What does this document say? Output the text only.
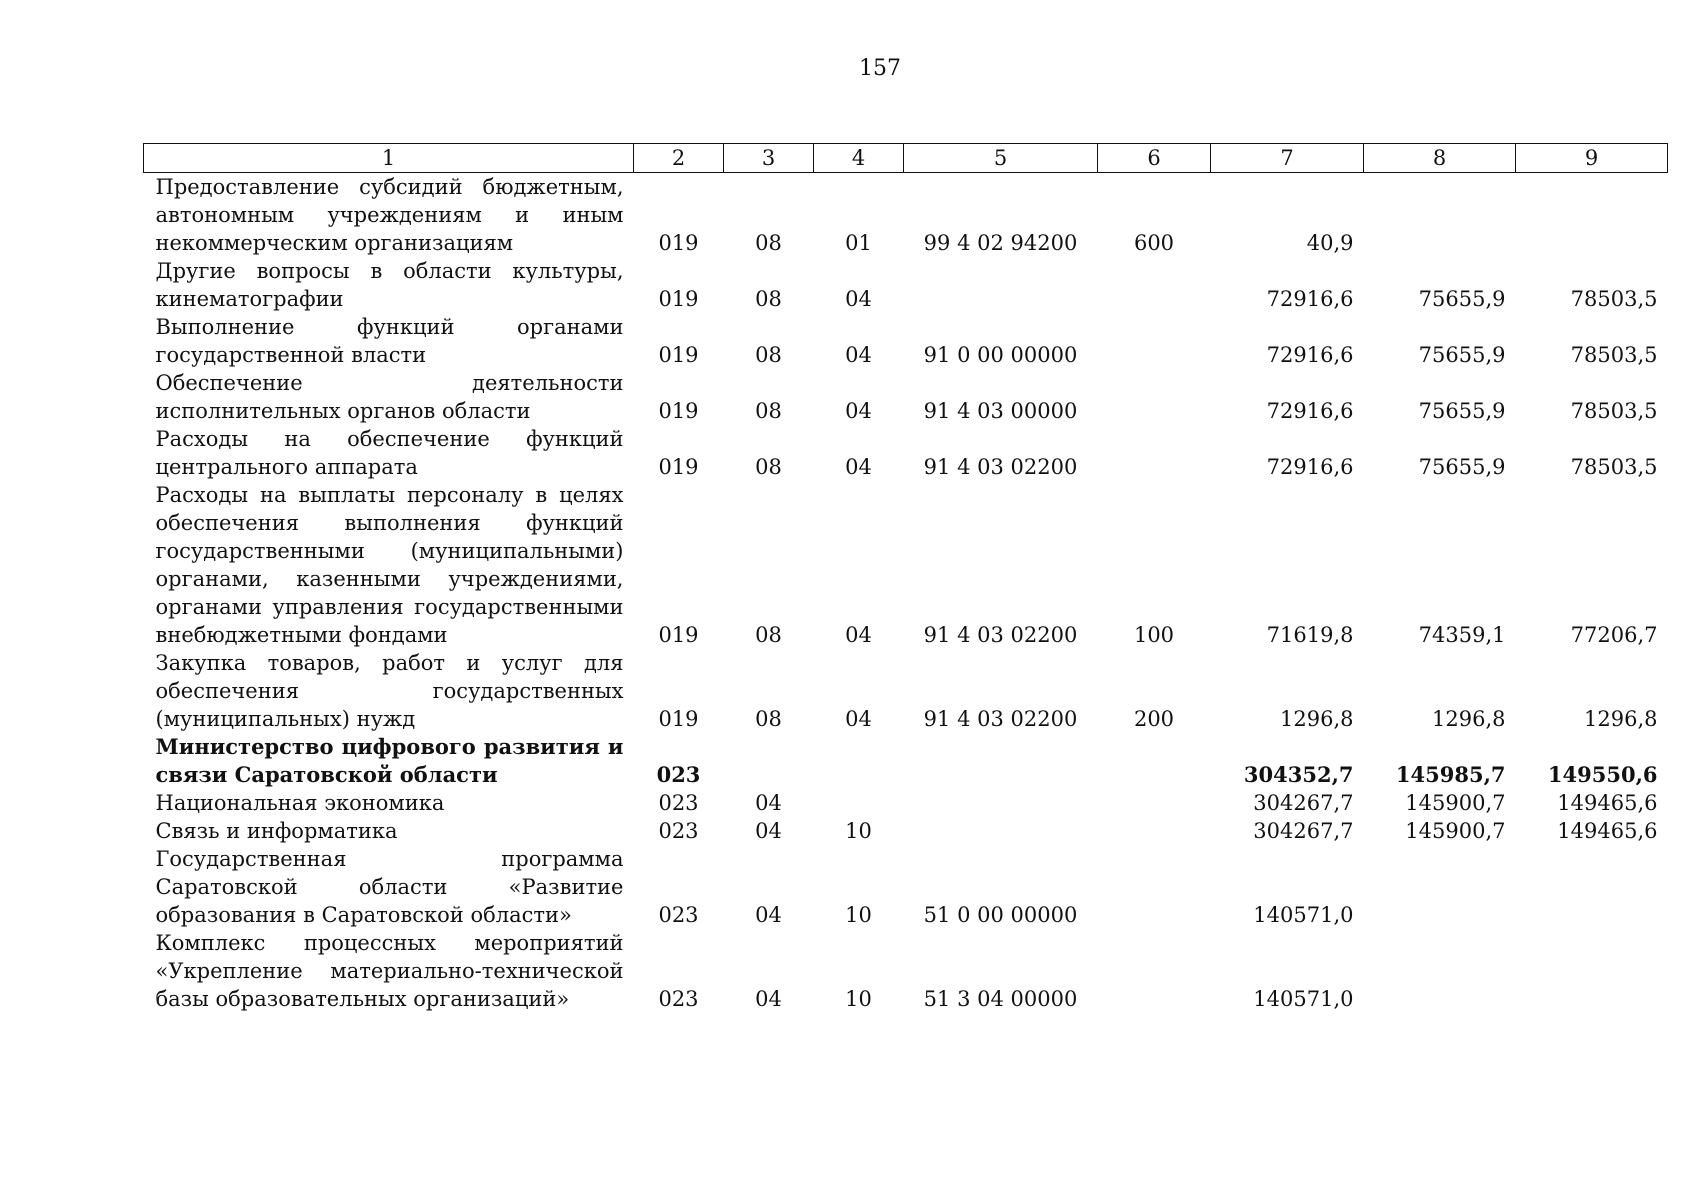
157
1	2	3	4	5	6	7	8	9
Предоставление субсидий бюджетным, автономным учреждениям и иным некоммерческим организациям	019	08	01	99 4 02 94200	600	40,9		
Другие вопросы в области культуры, кинематографии	019	08	04			72916,6	75655,9	78503,5
Выполнение функций органами государственной власти	019	08	04	91 0 00 00000		72916,6	75655,9	78503,5
Обеспечение деятельности исполнительных органов области	019	08	04	91 4 03 00000		72916,6	75655,9	78503,5
Расходы на обеспечение функций центрального аппарата	019	08	04	91 4 03 02200		72916,6	75655,9	78503,5
Расходы на выплаты персоналу в целях обеспечения выполнения функций государственными (муниципальными) органами, казенными учреждениями, органами управления государственными внебюджетными фондами	019	08	04	91 4 03 02200	100	71619,8	74359,1	77206,7
Закупка товаров, работ и услуг для обеспечения государственных (муниципальных) нужд	019	08	04	91 4 03 02200	200	1296,8	1296,8	1296,8
Министерство цифрового развития и связи Саратовской области	023					304352,7	145985,7	149550,6
Национальная экономика	023	04				304267,7	145900,7	149465,6
Связь и информатика	023	04	10			304267,7	145900,7	149465,6
Государственная программа Саратовской области «Развитие образования в Саратовской области»	023	04	10	51 0 00 00000		140571,0		
Комплекс процессных мероприятий «Укрепление материально-технической базы образовательных организаций»	023	04	10	51 3 04 00000		140571,0		
